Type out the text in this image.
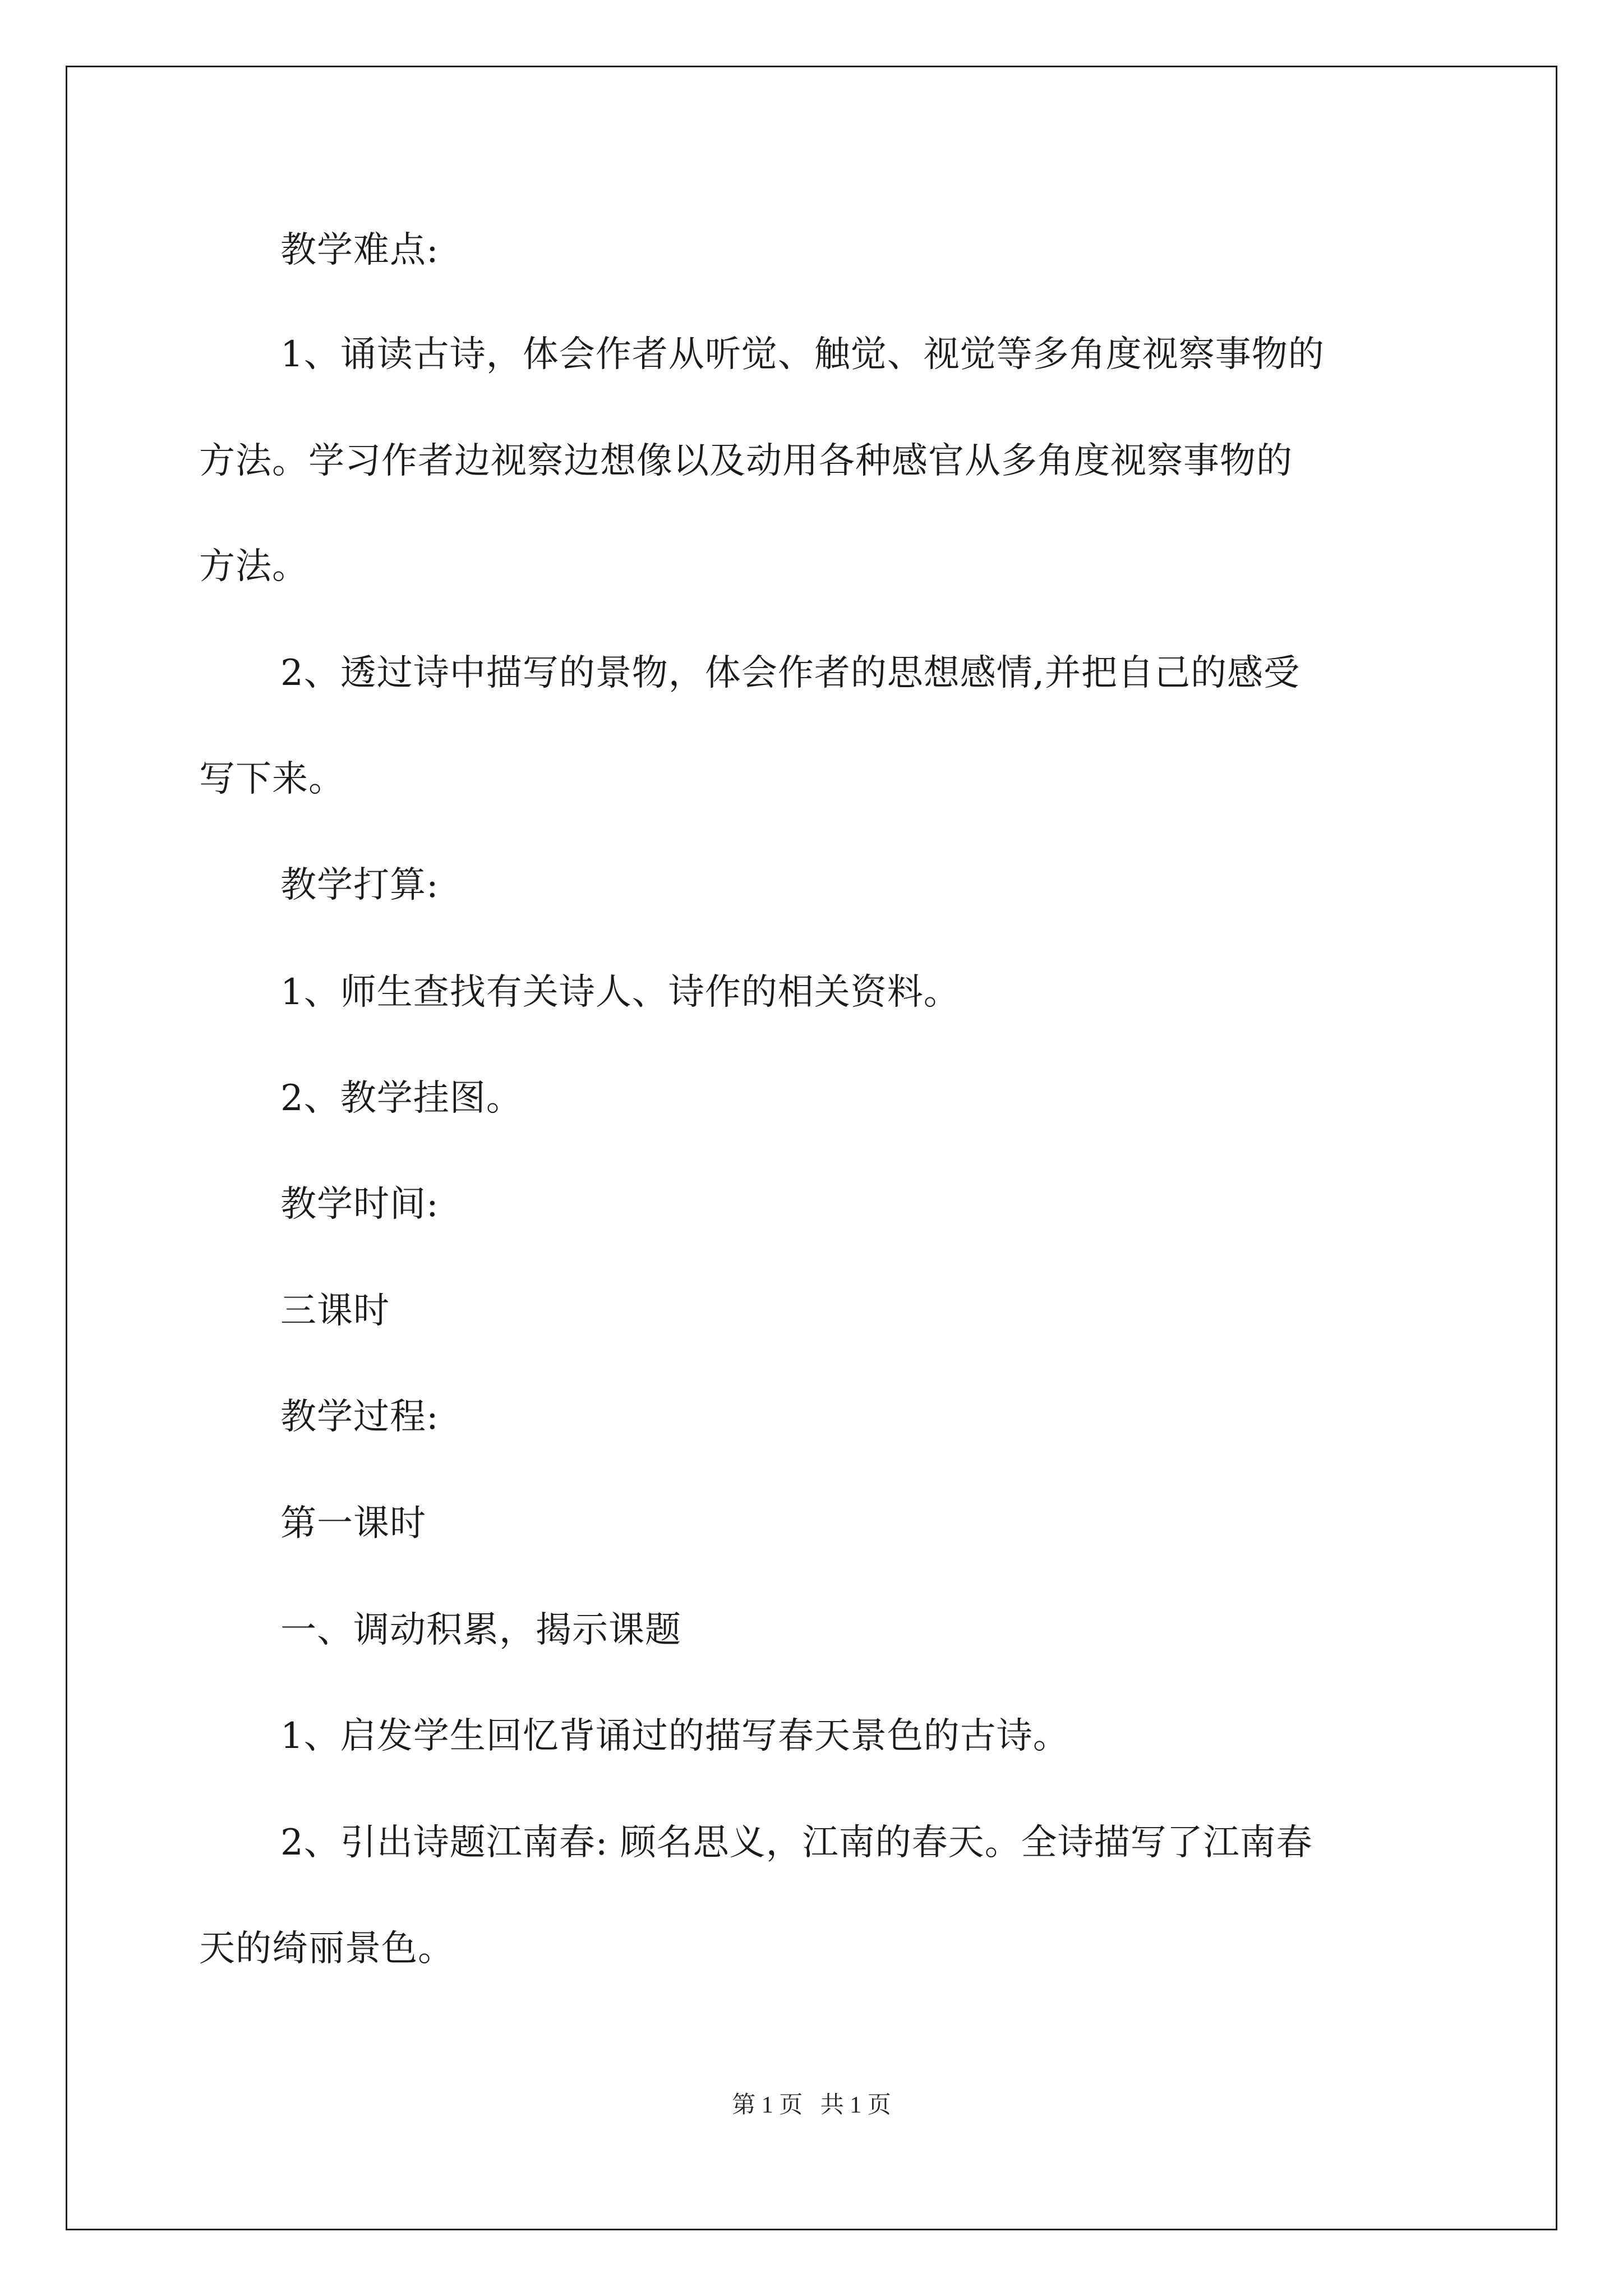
教学难点:

1、诵读古诗，体会作者从听觉、触觉、视觉等多角度视察事物的

方法。学习作者边视察边想像以及动用各种感官从多角度视察事物的

方法。

2、透过诗中描写的景物，体会作者的思想感情,并把自己的感受

写下来。

教学打算:

1、师生查找有关诗人、诗作的相关资料。

2、教学挂图。

教学时间:

三课时

教学过程:

第一课时

一、调动积累，揭示课题

1、启发学生回忆背诵过的描写春天景色的古诗。

2、引出诗题江南春: 顾名思义，江南的春天。全诗描写了江南春

天的绮丽景色。

第 1 页   共 1 页
